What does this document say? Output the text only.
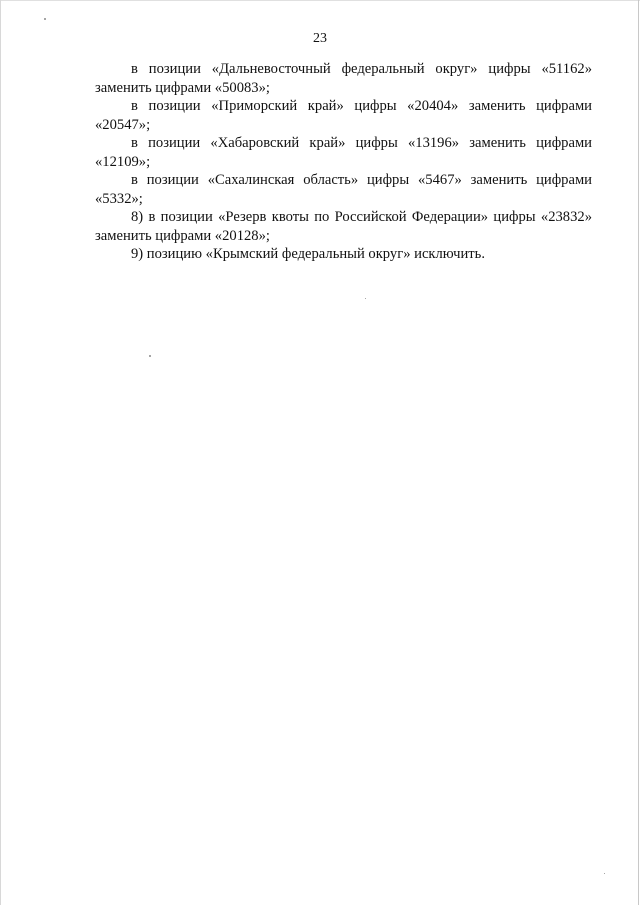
23

в позиции «Дальневосточный федеральный округ» цифры «51162» заменить цифрами «50083»;

в позиции «Приморский край» цифры «20404» заменить цифрами «20547»;

в позиции «Хабаровский край» цифры «13196» заменить цифрами «12109»;

в позиции «Сахалинская область» цифры «5467» заменить цифрами «5332»;

8) в позиции «Резерв квоты по Российской Федерации» цифры «23832» заменить цифрами «20128»;

9) позицию «Крымский федеральный округ» исключить.
